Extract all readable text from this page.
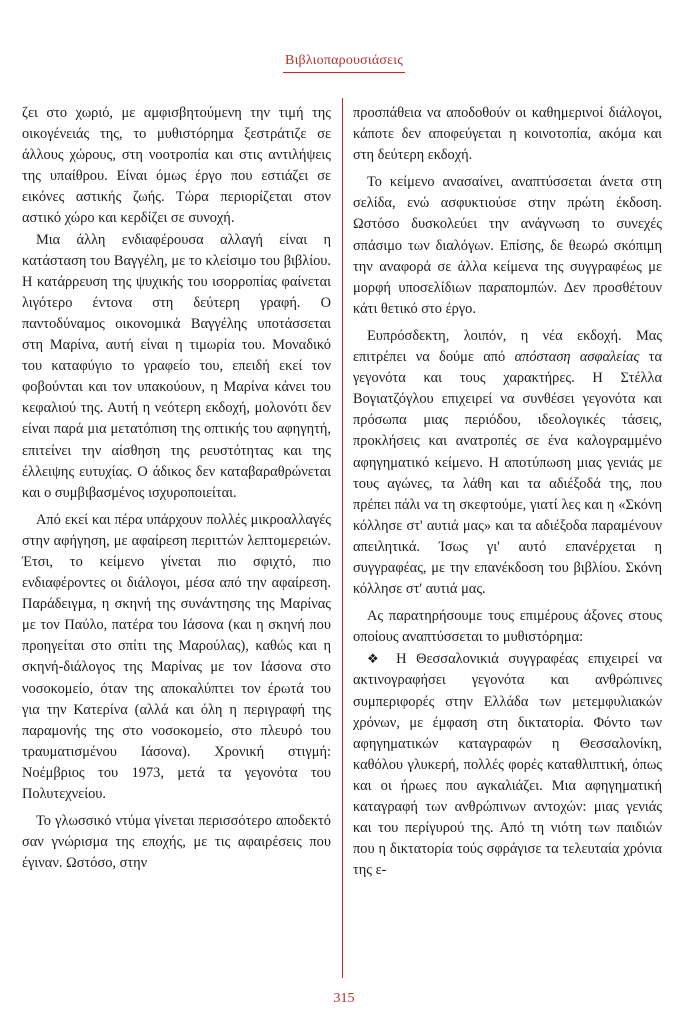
Βιβλιοπαρουσιάσεις

ζει στο χωριό, με αμφισβητούμενη την τιμή της οικογένειάς της, το μυθιστόρημα ξεστράτιζε σε άλλους χώρους, στη νοοτροπία και στις αντιλήψεις της υπαίθρου. Είναι όμως έργο που εστιάζει σε εικόνες αστικής ζωής. Τώρα περιορίζεται στον αστικό χώρο και κερδίζει σε συνοχή.

Μια άλλη ενδιαφέρουσα αλλαγή είναι η κατάσταση του Βαγγέλη, με το κλείσιμο του βιβλίου. Η κατάρρευση της ψυχικής του ισορροπίας φαίνεται λιγότερο έντονα στη δεύτερη γραφή. Ο παντοδύναμος οικονομικά Βαγγέλης υποτάσσεται στη Μαρίνα, αυτή είναι η τιμωρία του. Μοναδικό του καταφύγιο το γραφείο του, επειδή εκεί τον φοβούνται και τον υπακούουν, η Μαρίνα κάνει του κεφαλιού της. Αυτή η νεότερη εκδοχή, μολονότι δεν είναι παρά μια μετατόπιση της οπτικής του αφηγητή, επιτείνει την αίσθηση της ρευστότητας και της έλλειψης ευτυχίας. Ο άδικος δεν καταβαραθρώνεται και ο συμβιβασμένος ισχυροποιείται.

Από εκεί και πέρα υπάρχουν πολλές μικροαλλαγές στην αφήγηση, με αφαίρεση περιττών λεπτομερειών. Έτσι, το κείμενο γίνεται πιο σφιχτό, πιο ενδιαφέροντες οι διάλογοι, μέσα από την αφαίρεση. Παράδειγμα, η σκηνή της συνάντησης της Μαρίνας με τον Παύλο, πατέρα του Ιάσονα (και η σκηνή που προηγείται στο σπίτι της Μαρούλας), καθώς και η σκηνή-διάλογος της Μαρίνας με τον Ιάσονα στο νοσοκομείο, όταν της αποκαλύπτει τον έρωτά του για την Κατερίνα (αλλά και όλη η περιγραφή της παραμονής της στο νοσοκομείο, στο πλευρό του τραυματισμένου Ιάσονα). Χρονική στιγμή: Νοέμβριος του 1973, μετά τα γεγονότα του Πολυτεχνείου.

Το γλωσσικό ντύμα γίνεται περισσότερο αποδεκτό σαν γνώρισμα της εποχής, με τις αφαιρέσεις που έγιναν. Ωστόσο, στην

προσπάθεια να αποδοθούν οι καθημερινοί διάλογοι, κάποτε δεν αποφεύγεται η κοινοτοπία, ακόμα και στη δεύτερη εκδοχή.

Το κείμενο ανασαίνει, αναπτύσσεται άνετα στη σελίδα, ενώ ασφυκτιούσε στην πρώτη έκδοση. Ωστόσο δυσκολεύει την ανάγνωση το συνεχές σπάσιμο των διαλόγων. Επίσης, δε θεωρώ σκόπιμη την αναφορά σε άλλα κείμενα της συγγραφέως με μορφή υποσελίδιων παραπομπών. Δεν προσθέτουν κάτι θετικό στο έργο.

Ευπρόσδεκτη, λοιπόν, η νέα εκδοχή. Μας επιτρέπει να δούμε από απόσταση ασφαλείας τα γεγονότα και τους χαρακτήρες. Η Στέλλα Βογιατζόγλου επιχειρεί να συνθέσει γεγονότα και πρόσωπα μιας περιόδου, ιδεολογικές τάσεις, προκλήσεις και ανατροπές σε ένα καλογραμμένο αφηγηματικό κείμενο. Η αποτύπωση μιας γενιάς με τους αγώνες, τα λάθη και τα αδιέξοδά της, που πρέπει πάλι να τη σκεφτούμε, γιατί λες και η «Σκόνη κόλλησε στ' αυτιά μας» και τα αδιέξοδα παραμένουν απειλητικά. Ίσως γι' αυτό επανέρχεται η συγγραφέας, με την επανέκδοση του βιβλίου. Σκόνη κόλλησε στ' αυτιά μας.

Ας παρατηρήσουμε τους επιμέρους άξονες στους οποίους αναπτύσσεται το μυθιστόρημα:

❖ Η Θεσσαλονικιά συγγραφέας επιχειρεί να ακτινογραφήσει γεγονότα και ανθρώπινες συμπεριφορές στην Ελλάδα των μετεμφυλιακών χρόνων, με έμφαση στη δικτατορία. Φόντο των αφηγηματικών καταγραφών η Θεσσαλονίκη, καθόλου γλυκερή, πολλές φορές καταθλιπτική, όπως και οι ήρωες που αγκαλιάζει. Μια αφηγηματική καταγραφή των ανθρώπινων αντοχών: μιας γενιάς και του περίγυρού της. Από τη νιότη των παιδιών που η δικτατορία τούς σφράγισε τα τελευταία χρόνια της ε-

315
